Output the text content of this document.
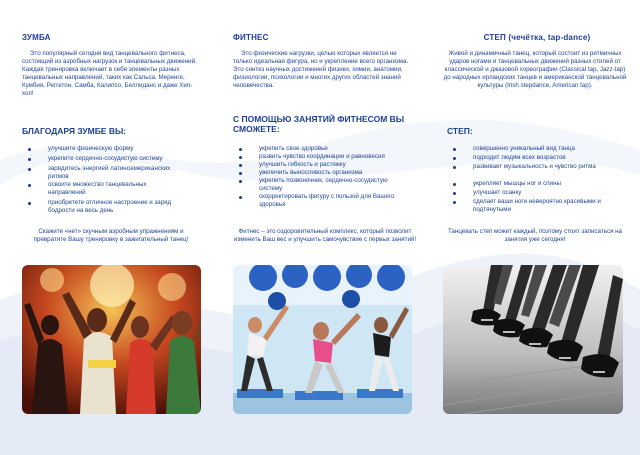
ЗУМБА
Это популярный сегодня вид танцевального фитнеса, состоящий из аэробных нагрузок и танцевальных движений. Каждая тренировка включает в себя элементы разных танцевальных направлений, таких как Сальса, Меренге, Кумбия, Реггетон, Самба, Калипсо, Беллиданс и даже Хип-хоп!
БЛАГОДАРЯ ЗУМБЕ ВЫ:
улучшите физическую форму
укрепите сердечно-сосудистую систему
зарядитесь энергией латиноамериканских ритмов
освоите множество танцевальных направлений
приобретете отличное настроение и заряд бодрости на весь день
Скажите «нет» скучным аэробным упражнениям и превратите Вашу тренировку в зажигательный танец!
ФИТНЕС
Это физические нагрузки, целью которых является не только идеальная фигура, но и укрепление всего организма. Это синтез научных достижений физики, химии, анатомии, физиологии, психологии и многих других областей знаний человечества.
С ПОМОЩЬЮ ЗАНЯТИЙ ФИТНЕСОМ ВЫ СМОЖЕТЕ:
укрепить свое здоровье
развить чувство координации и равновесия
улучшить гибкость и растяжку
увеличить выносливость организма
укрепить позвоночник, сердечно-сосудистую систему
скорректировать фигуру с пользой для Вашего здоровья
Фитнес – это оздоровительный комплекс, который позволит изменить Ваш вес и улучшить самочувствие с первых занятий!
СТЕП (чечётка, tap-dance)
Живой и динамичный танец, который состоит из ритмичных ударов ногами и танцевальных движений разных стилей от классической и джазовой хореографии (Classical tap, Jazz-tap) до народных ирландских танцев и американской танцевальной культуры (Irish stepdance, American tap).
СТЕП:
совершенно уникальный вид танца
подходит людям всех возрастов
развивает музыкальность и чувство ритма
укрепляет мышцы ног и спины
улучшает осанку
сделает ваши ноги невероятно красивыми и подтянутыми
Танцевать степ может каждый, поэтому стоит записаться на занятия уже сегодня!
